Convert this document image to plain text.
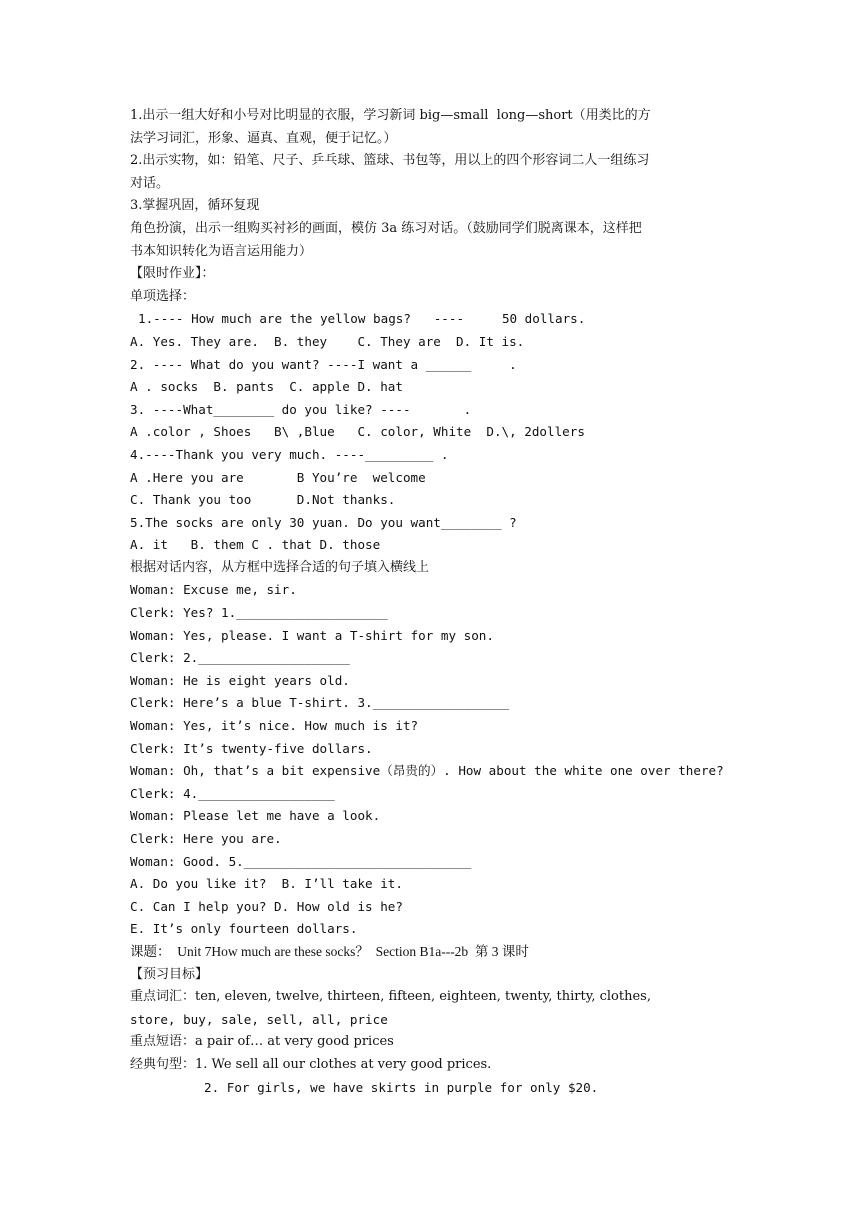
1.出示一组大好和小号对比明显的衣服，学习新词 big—small  long—short（用类比的方
法学习词汇，形象、逼真、直观，便于记忆。）
2.出示实物，如：铅笔、尺子、乒乓球、篮球、书包等，用以上的四个形容词二人一组练习
对话。
3.掌握巩固，循环复现
角色扮演，出示一组购买衬衫的画面，模仿 3a 练习对话。（鼓励同学们脱离课本，这样把
书本知识转化为语言运用能力）
【限时作业】：
单项选择：
1.---- How much are the yellow bags?   ----     50 dollars.
A. Yes. They are.  B. they    C. They are  D. It is.
2. ---- What do you want? ----I want a ______     .
A . socks  B. pants  C. apple D. hat
3. ----What________ do you like? ----       .
A .color , Shoes   B\ ,Blue   C. color, White  D.\, 2dollers
4.----Thank you very much. ----_________ .
A .Here you are       B You’re  welcome
C. Thank you too      D.Not thanks.
5.The socks are only 30 yuan. Do you want________ ?
A. it   B. them C . that D. those
根据对话内容，从方框中选择合适的句子填入横线上
Woman: Excuse me, sir.
Clerk: Yes? 1.____________________
Woman: Yes, please. I want a T-shirt for my son.
Clerk: 2.____________________
Woman: He is eight years old.
Clerk: Here’s a blue T-shirt. 3.__________________
Woman: Yes, it’s nice. How much is it?
Clerk: It’s twenty-five dollars.
Woman: Oh, that’s a bit expensive（昂贵的）. How about the white one over there?
Clerk: 4.__________________
Woman: Please let me have a look.
Clerk: Here you are.
Woman: Good. 5.______________________________
A. Do you like it?  B. I’ll take it.
C. Can I help you? D. How old is he?
E. It’s only fourteen dollars.
课题：  Unit 7How much are these socks？  Section B1a---2b  第 3 课时
【预习目标】
重点词汇：ten, eleven, twelve, thirteen, fifteen, eighteen, twenty, thirty, clothes,
store, buy, sale, sell, all, price
重点短语：a pair of… at very good prices
经典句型：1. We sell all our clothes at very good prices.
2. For girls, we have skirts in purple for only $20.
